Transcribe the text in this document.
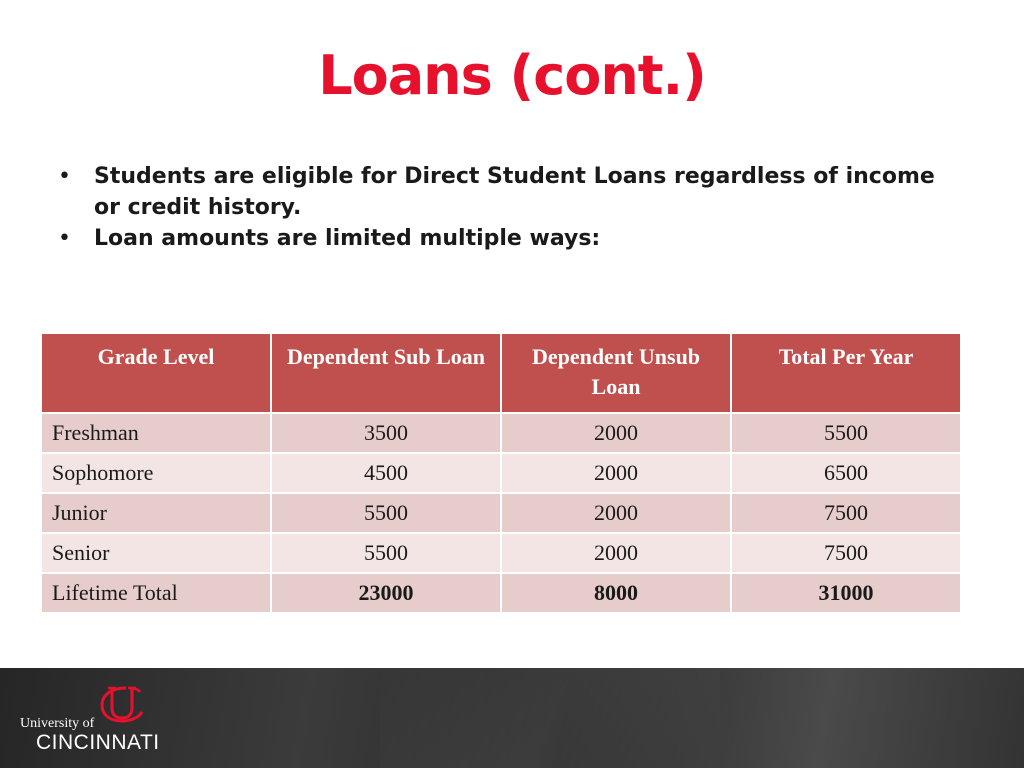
Loans (cont.)
• Students are eligible for Direct Student Loans regardless of income or credit history.
• Loan amounts are limited multiple ways:
Grade Level	Dependent Sub Loan	Dependent Unsub Loan	Total Per Year
Freshman	3500	2000	5500
Sophomore	4500	2000	6500
Junior	5500	2000	7500
Senior	5500	2000	7500
Lifetime Total	23000	8000	31000
University of
CINCINNATI
